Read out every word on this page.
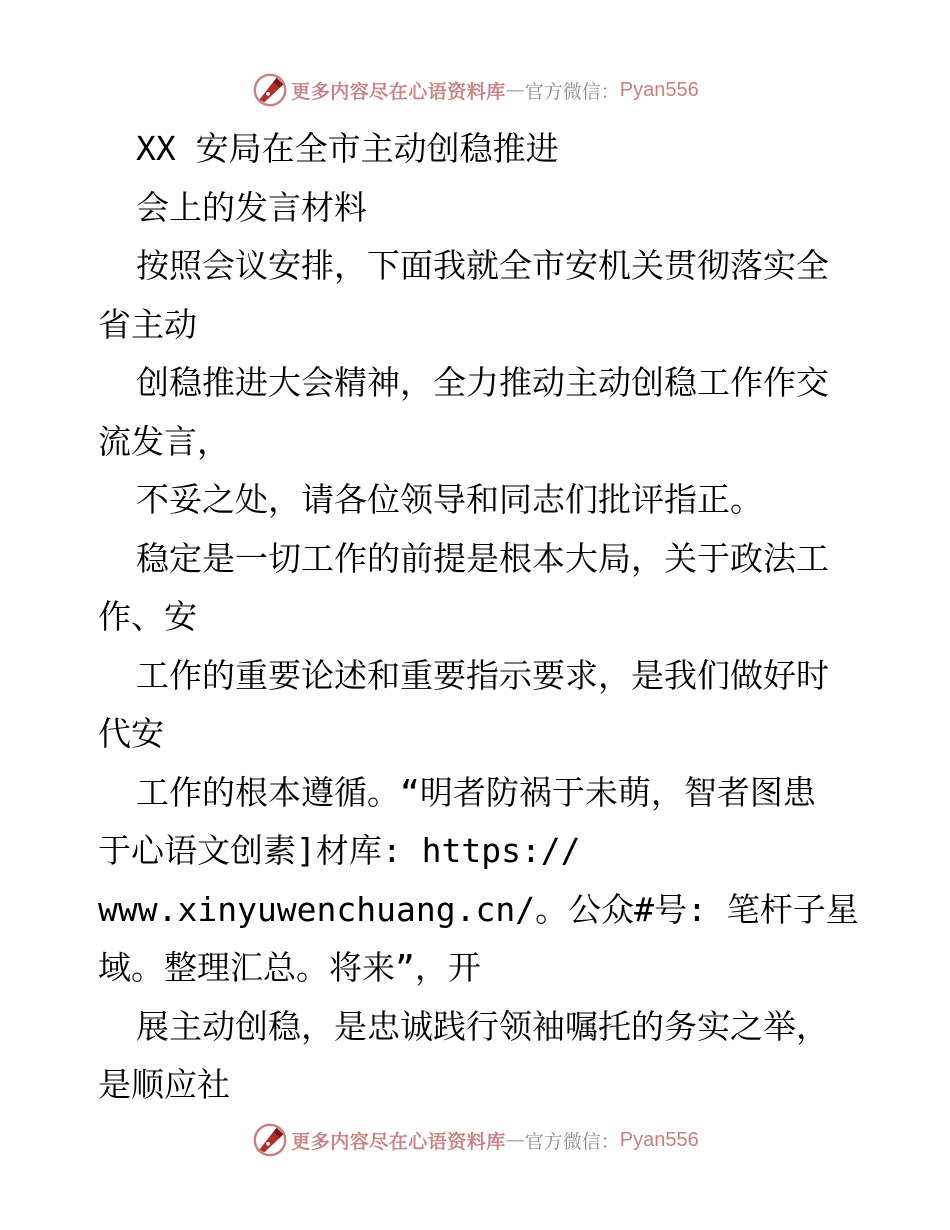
更多内容尽在心语资料库 — 官方微信： Pyan556
XX 安局在全市主动创稳推进
会上的发言材料
按照会议安排，下面我就全市安机关贯彻落实全
省主动
创稳推进大会精神，全力推动主动创稳工作作交
流发言，
不妥之处，请各位领导和同志们批评指正。
稳定是一切工作的前提是根本大局，关于政法工
作、安
工作的重要论述和重要指示要求，是我们做好时
代安
工作的根本遵循。“明者防祸于未萌，智者图患
于心语文创素]材库: https://
www.xinyuwenchuang.cn/。公众#号: 笔杆子星
域。整理汇总。将来”，开
展主动创稳，是忠诚践行领袖嘱托的务实之举，
是顺应社
更多内容尽在心语资料库 — 官方微信： Pyan556
